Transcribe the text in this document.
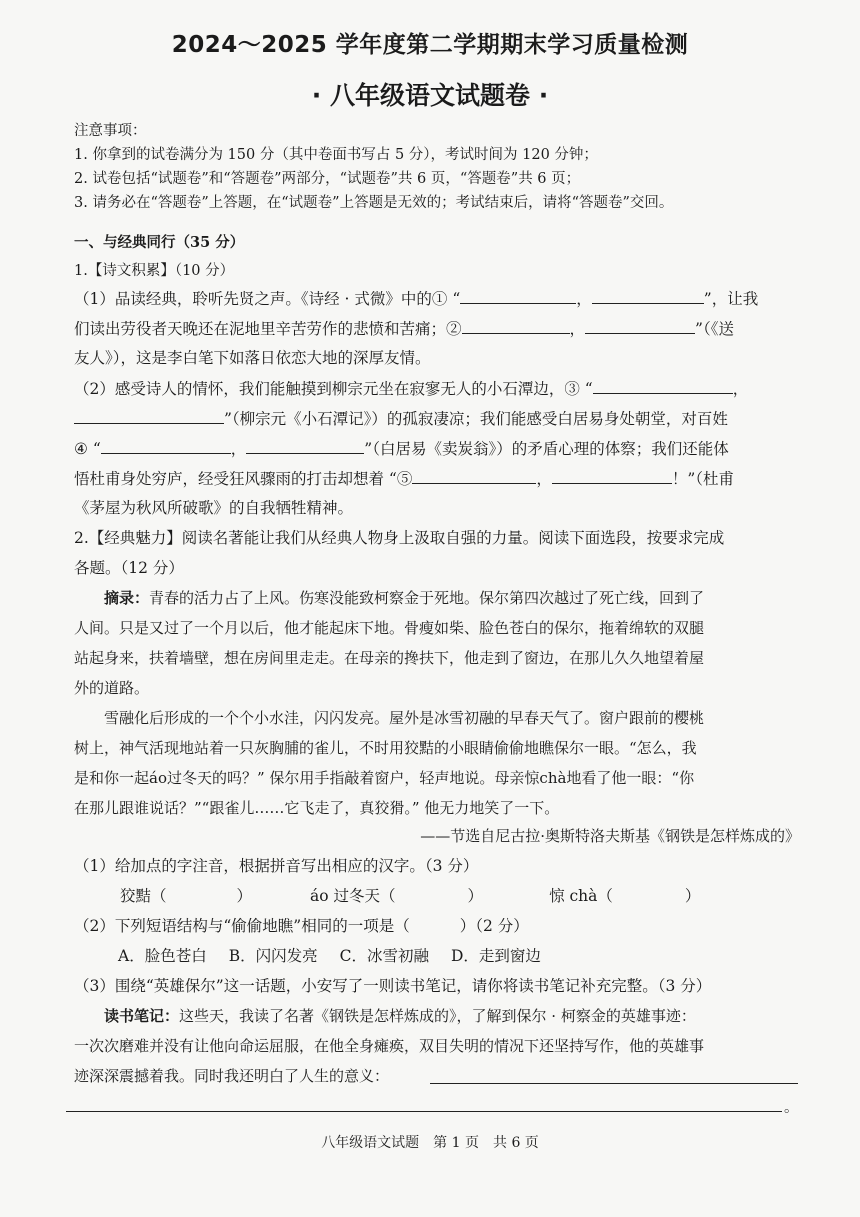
2024～2025 学年度第二学期期末学习质量检测
· 八年级语文试题卷 ·
注意事项：
1. 你拿到的试卷满分为 150 分（其中卷面书写占 5 分），考试时间为 120 分钟；
2. 试卷包括“试题卷”和“答题卷”两部分，“试题卷”共 6 页，“答题卷”共 6 页；
3. 请务必在“答题卷”上答题，在“试题卷”上答题是无效的；考试结束后，请将“答题卷”交回。
一、与经典同行（35 分）
1.【诗文积累】（10 分）
（1）品读经典，聆听先贤之声。《诗经 · 式微》中的① “	，	”，让我
们读出劳役者天晚还在泥地里辛苦劳作的悲愤和苦痛；②	，	”（《送
友人》），这是李白笔下如落日依恋大地的深厚友情。
（2）感受诗人的情怀，我们能触摸到柳宗元坐在寂寥无人的小石潭边，③ “	，
”（柳宗元《小石潭记》）的孤寂凄凉；我们能感受白居易身处朝堂，对百姓
④ “	，	”（白居易《卖炭翁》）的矛盾心理的体察；我们还能体
悟杜甫身处穷庐，经受狂风骤雨的打击却想着 “⑤	，	！”（杜甫
《茅屋为秋风所破歌》的自我牺牲精神。
2.【经典魅力】阅读名著能让我们从经典人物身上汲取自强的力量。阅读下面选段，按要求完成
各题。（12 分）
摘录：青春的活力占了上风。伤寒没能致柯察金于死地。保尔第四次越过了死亡线，回到了
人间。只是又过了一个月以后，他才能起床下地。骨瘦如柴、脸色苍白的保尔，拖着绵软的双腿
站起身来，扶着墙壁，想在房间里走走。在母亲的搀扶下，他走到了窗边，在那儿久久地望着屋
外的道路。
雪融化后形成的一个个小水洼，闪闪发亮。屋外是冰雪初融的早春天气了。窗户跟前的樱桃
树上，神气活现地站着一只灰胸脯的雀儿，不时用狡黠的小眼睛偷偷地瞧保尔一眼。“怎么，我
是和你一起áo过冬天的吗？” 保尔用手指敲着窗户，轻声地说。母亲惊chà地看了他一眼：“你
在那儿跟谁说话？”“跟雀儿……它飞走了，真狡猾。” 他无力地笑了一下。
——节选自尼古拉·奥斯特洛夫斯基《钢铁是怎样炼成的》
（1）给加点的字注音，根据拼音写出相应的汉字。（3 分）
狡黠（	）	áo 过冬天（	）	惊 chà（	）
（2）下列短语结构与“偷偷地瞧”相同的一项是（	）（2 分）
A．脸色苍白 B．闪闪发亮 C．冰雪初融 D．走到窗边
（3）围绕“英雄保尔”这一话题，小安写了一则读书笔记，请你将读书笔记补充完整。（3 分）
读书笔记：这些天，我读了名著《钢铁是怎样炼成的》，了解到保尔 · 柯察金的英雄事迹：
一次次磨难并没有让他向命运屈服，在他全身瘫痪，双目失明的情况下还坚持写作，他的英雄事
迹深深震撼着我。同时我还明白了人生的意义：
。
八年级语文试题　第 1 页　共 6 页
